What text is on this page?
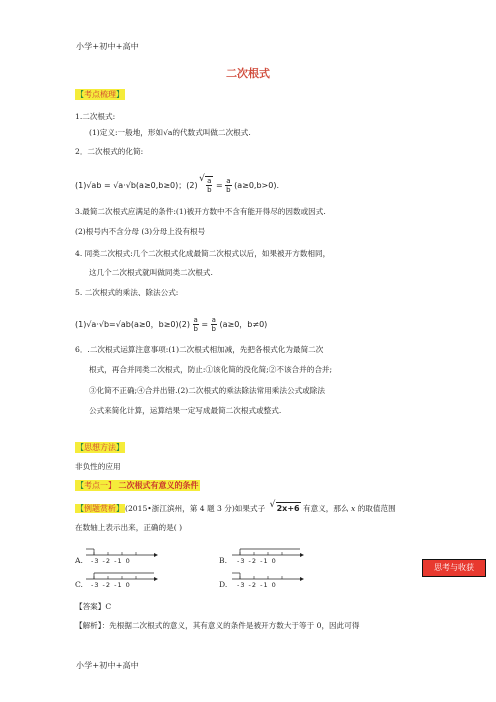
小学+初中+高中
二次根式
【考点梳理】
1.二次根式:
(1)定义:一般地，形如√a的代数式叫做二次根式.
2．二次根式的化简:
(1)√ab = √a·√b(a≥0,b≥0)；(2) √ $\frac{a}{b} = \frac{a}{b} (a\ge 0,b>0)$.
3.最简二次根式应满足的条件:(1)被开方数中不含有能开得尽的因数或因式.
(2)根号内不含分母 (3)分母上没有根号
4. 同类二次根式:几个二次根式化成最简二次根式以后，如果被开方数相同，
这几个二次根式就叫做同类二次根式.
5. 二次根式的乘法、除法公式:
(1)√a·√b=√ab(a≥0，$b\ge 0)(2) \frac{a}{b} = \frac{a}{b} (a\ge 0$，b≠0)
6．.二次根式运算注意事项:(1)二次根式相加减，先把各根式化为最简二次
根式，再合并同类二次根式，防止:①该化简的没化简;②不该合并的合并;
③化简不正确;④合并出错.(2)二次根式的乘法除法常用乘法公式或除法
公式来简化计算，运算结果一定写成最简二次根式或整式.
【思想方法】
非负性的应用
【考点一】 二次根式有意义的条件
【例题赏析】(2015•浙江滨州，第 4 题 3 分)如果式子 √ 2x+6 有意义，那么 x 的取值范围
在数轴上表示出来，正确的是( )
A.	B.
C.	D.
-3 -2 -1 0	-3 -2 -1 0
-3 -2 -1 0	-3 -2 -1 0
【答案】C
【解析】：先根据二次根式的意义，其有意义的条件是被开方数大于等于 0，因此可得
思考与收获
小学+初中+高中
